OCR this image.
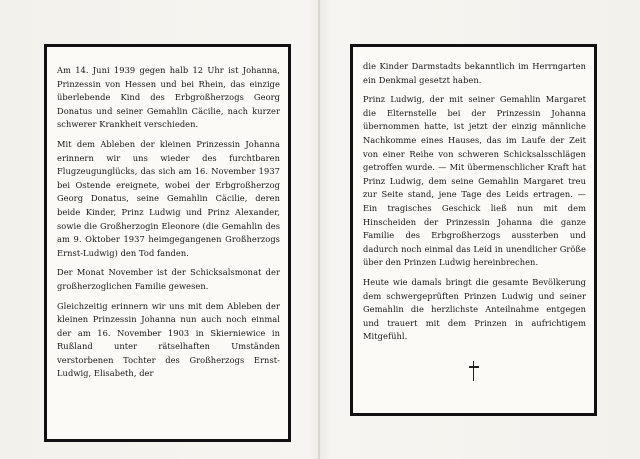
Am 14. Juni 1939 gegen halb 12 Uhr ist Johanna, Prinzessin von Hessen und bei Rhein, das einzige überlebende Kind des Erbgroßherzogs Georg Donatus und seiner Gemahlin Cäcilie, nach kurzer schwerer Krankheit verschieden.

Mit dem Ableben der kleinen Prinzessin Johanna erinnern wir uns wieder des furchtbaren Flugzeugunglücks, das sich am 16. November 1937 bei Ostende ereignete, wobei der Erbgroßherzog Georg Donatus, seine Gemahlin Cäcilie, deren beide Kinder, Prinz Ludwig und Prinz Alexander, sowie die Großherzogin Eleonore (die Gemahlin des am 9. Oktober 1937 heimgegangenen Großherzogs Ernst-Ludwig) den Tod fanden.

Der Monat November ist der Schicksalsmonat der großherzoglichen Familie gewesen.

Gleichzeitig erinnern wir uns mit dem Ableben der kleinen Prinzessin Johanna nun auch noch einmal der am 16. November 1903 in Skierniewice in Rußland unter rätselhaften Umständen verstorbenen Tochter des Großherzogs Ernst-Ludwig, Elisabeth, der

die Kinder Darmstadts bekanntlich im Herrngarten ein Denkmal gesetzt haben.

Prinz Ludwig, der mit seiner Gemahlin Margaret die Elternstelle bei der Prinzessin Johanna übernommen hatte, ist jetzt der einzig männliche Nachkomme eines Hauses, das im Laufe der Zeit von einer Reihe von schweren Schicksalsschlägen getroffen wurde. — Mit übermenschlicher Kraft hat Prinz Ludwig, dem seine Gemahlin Margaret treu zur Seite stand, jene Tage des Leids ertragen. — Ein tragisches Geschick ließ nun mit dem Hinscheiden der Prinzessin Johanna die ganze Familie des Erbgroßherzogs aussterben und dadurch noch einmal das Leid in unendlicher Größe über den Prinzen Ludwig hereinbrechen.

Heute wie damals bringt die gesamte Bevölkerung dem schwergeprüften Prinzen Ludwig und seiner Gemahlin die herzlichste Anteilnahme entgegen und trauert mit dem Prinzen in aufrichtigem Mitgefühl.
